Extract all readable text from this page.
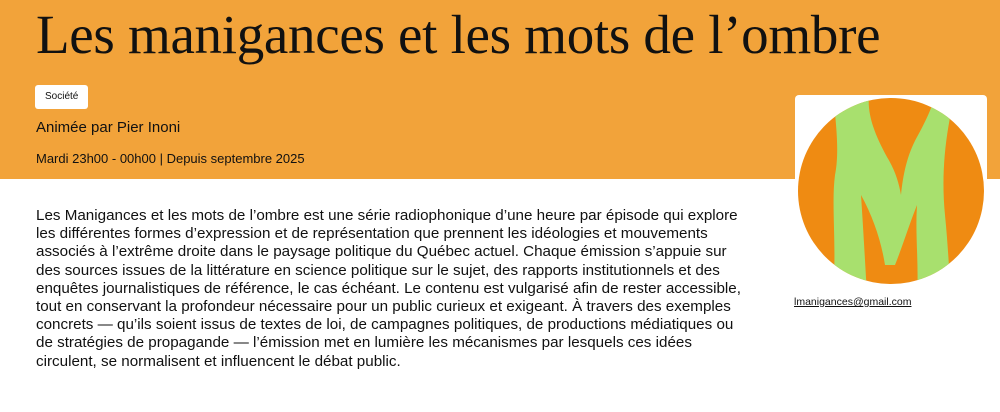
Les manigances et les mots de l’ombre
Société
Animée par Pier Inoni
Mardi 23h00 - 00h00 | Depuis septembre 2025

Les Manigances et les mots de l’ombre est une série radiophonique d’une heure par épisode qui explore les différentes formes d’expression et de représentation que prennent les idéologies et mouvements associés à l’extrême droite dans le paysage politique du Québec actuel. Chaque émission s’appuie sur des sources issues de la littérature en science politique sur le sujet, des rapports institutionnels et des enquêtes journalistiques de référence, le cas échéant. Le contenu est vulgarisé afin de rester accessible, tout en conservant la profondeur nécessaire pour un public curieux et exigeant. À travers des exemples concrets — qu’ils soient issus de textes de loi, de campagnes politiques, de productions médiatiques ou de stratégies de propagande — l’émission met en lumière les mécanismes par lesquels ces idées circulent, se normalisent et influencent le débat public.

lmanigances@gmail.com
